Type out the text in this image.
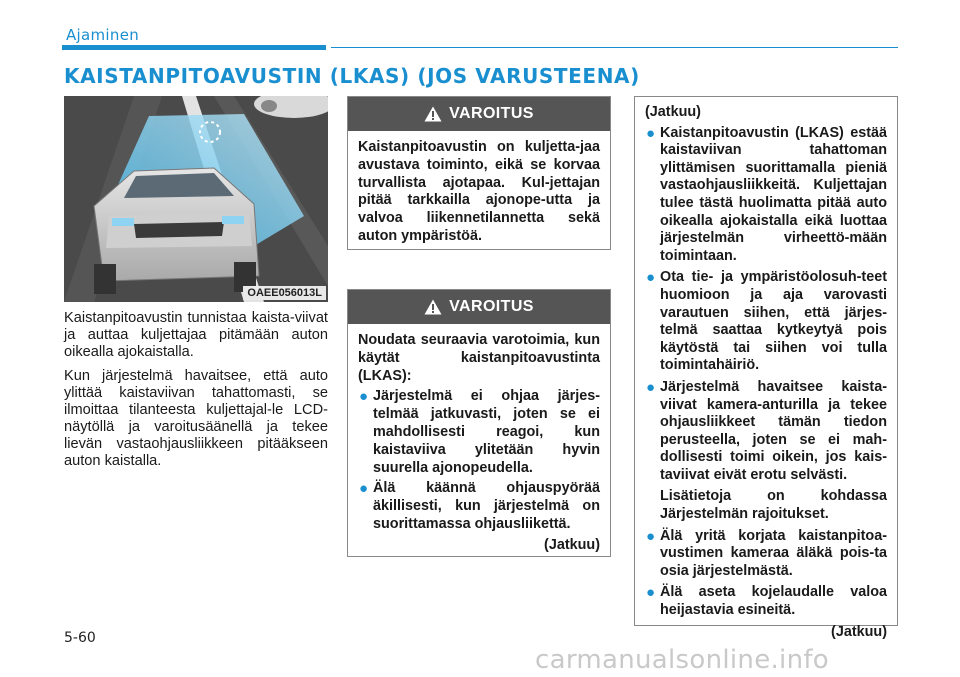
Ajaminen
KAISTANPITOAVUSTIN (LKAS) (JOS VARUSTEENA)
OAEE056013L

Kaistanpitoavustin tunnistaa kaista-viivat ja auttaa kuljettajaa pitämään auton oikealla ajokaistalla.

Kun järjestelmä havaitsee, että auto ylittää kaistaviivan tahattomasti, se ilmoittaa tilanteesta kuljettajal-le LCD-näytöllä ja varoitusäänellä ja tekee lievän vastaohjausliikkeen pitääkseen auton kaistalla.

VAROITUS
Kaistanpitoavustin on kuljetta-jaa avustava toiminto, eikä se korvaa turvallista ajotapaa. Kul-jettajan pitää tarkkailla ajonope-utta ja valvoa liikennetilannetta sekä auton ympäristöä.
VAROITUS
Noudata seuraavia varotoimia, kun käytät kaistanpitoavustinta (LKAS):
● Järjestelmä ei ohjaa järjes-telmää jatkuvasti, joten se ei mahdollisesti reagoi, kun kaistaviiva ylitetään hyvin suurella ajonopeudella.
● Älä käännä ohjauspyörää äkillisesti, kun järjestelmä on suorittamassa ohjausliikettä.
(Jatkuu)
(Jatkuu)
● Kaistanpitoavustin (LKAS) estää kaistaviivan tahattoman ylittämisen suorittamalla pieniä vastaohjausliikkeitä. Kuljettajan tulee tästä huolimatta pitää auto oikealla ajokaistalla eikä luottaa järjestelmän virheettö-mään toimintaan.
● Ota tie- ja ympäristöolosuh-teet huomioon ja aja varovasti varautuen siihen, että järjes-telmä saattaa kytkeytyä pois käytöstä tai siihen voi tulla toimintahäiriö.
● Järjestelmä havaitsee kaista-viivat kamera-anturilla ja tekee ohjausliikkeet tämän tiedon perusteella, joten se ei mah-dollisesti toimi oikein, jos kais-taviivat eivät erotu selvästi.
Lisätietoja on kohdassa Järjestelmän rajoitukset.
● Älä yritä korjata kaistanpitoa-vustimen kameraa äläkä pois-ta osia järjestelmästä.
● Älä aseta kojelaudalle valoa heijastavia esineitä.
(Jatkuu)
5-60
carmanualsonline.info
